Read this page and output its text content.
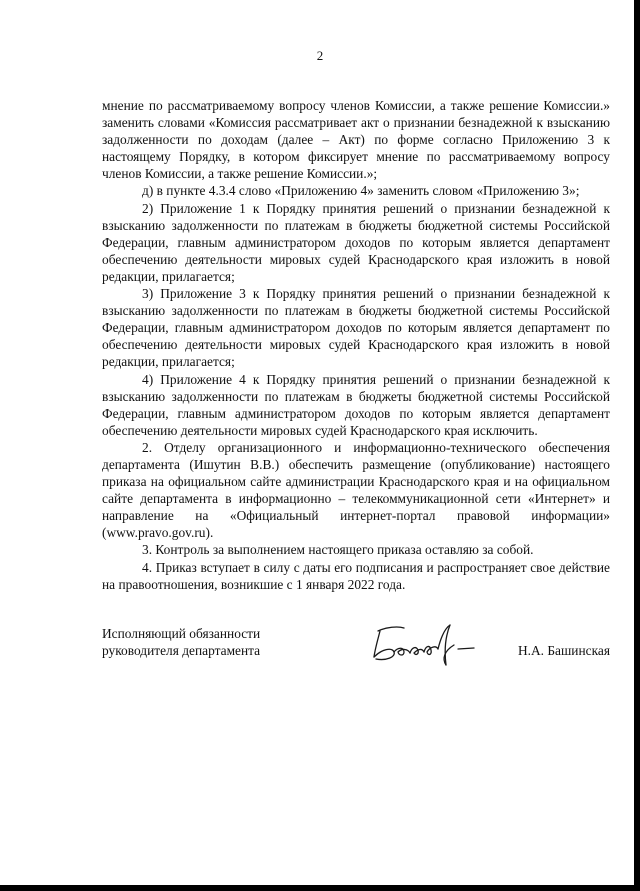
2

мнение по рассматриваемому вопросу членов Комиссии, а также решение Комиссии.» заменить словами «Комиссия рассматривает акт о признании безнадежной к взысканию задолженности по доходам (далее – Акт) по форме согласно Приложению 3 к настоящему Порядку, в котором фиксирует мнение по рассматриваемому вопросу членов Комиссии, а также решение Комиссии.»;

д) в пункте 4.3.4 слово «Приложению 4» заменить словом «Приложению 3»;

2) Приложение 1 к Порядку принятия решений о признании безнадежной к взысканию задолженности по платежам в бюджеты бюджетной системы Российской Федерации, главным администратором доходов по которым является департамент обеспечению деятельности мировых судей Краснодарского края изложить в новой редакции, прилагается;

3) Приложение 3 к Порядку принятия решений о признании безнадежной к взысканию задолженности по платежам в бюджеты бюджетной системы Российской Федерации, главным администратором доходов по которым является департамент по обеспечению деятельности мировых судей Краснодарского края изложить в новой редакции, прилагается;

4) Приложение 4 к Порядку принятия решений о признании безнадежной к взысканию задолженности по платежам в бюджеты бюджетной системы Российской Федерации, главным администратором доходов по которым является департамент обеспечению деятельности мировых судей Краснодарского края исключить.

2. Отделу организационного и информационно-технического обеспечения департамента (Ишутин В.В.) обеспечить размещение (опубликование) настоящего приказа на официальном сайте администрации Краснодарского края и на официальном сайте департамента в информационно – телекоммуникационной сети «Интернет» и направление на «Официальный интернет-портал правовой информации» (www.pravo.gov.ru).

3. Контроль за выполнением настоящего приказа оставляю за собой.

4. Приказ вступает в силу с даты его подписания и распространяет свое действие на правоотношения, возникшие с 1 января 2022 года.

Исполняющий обязанности
руководителя департамента	Н.А. Башинская
